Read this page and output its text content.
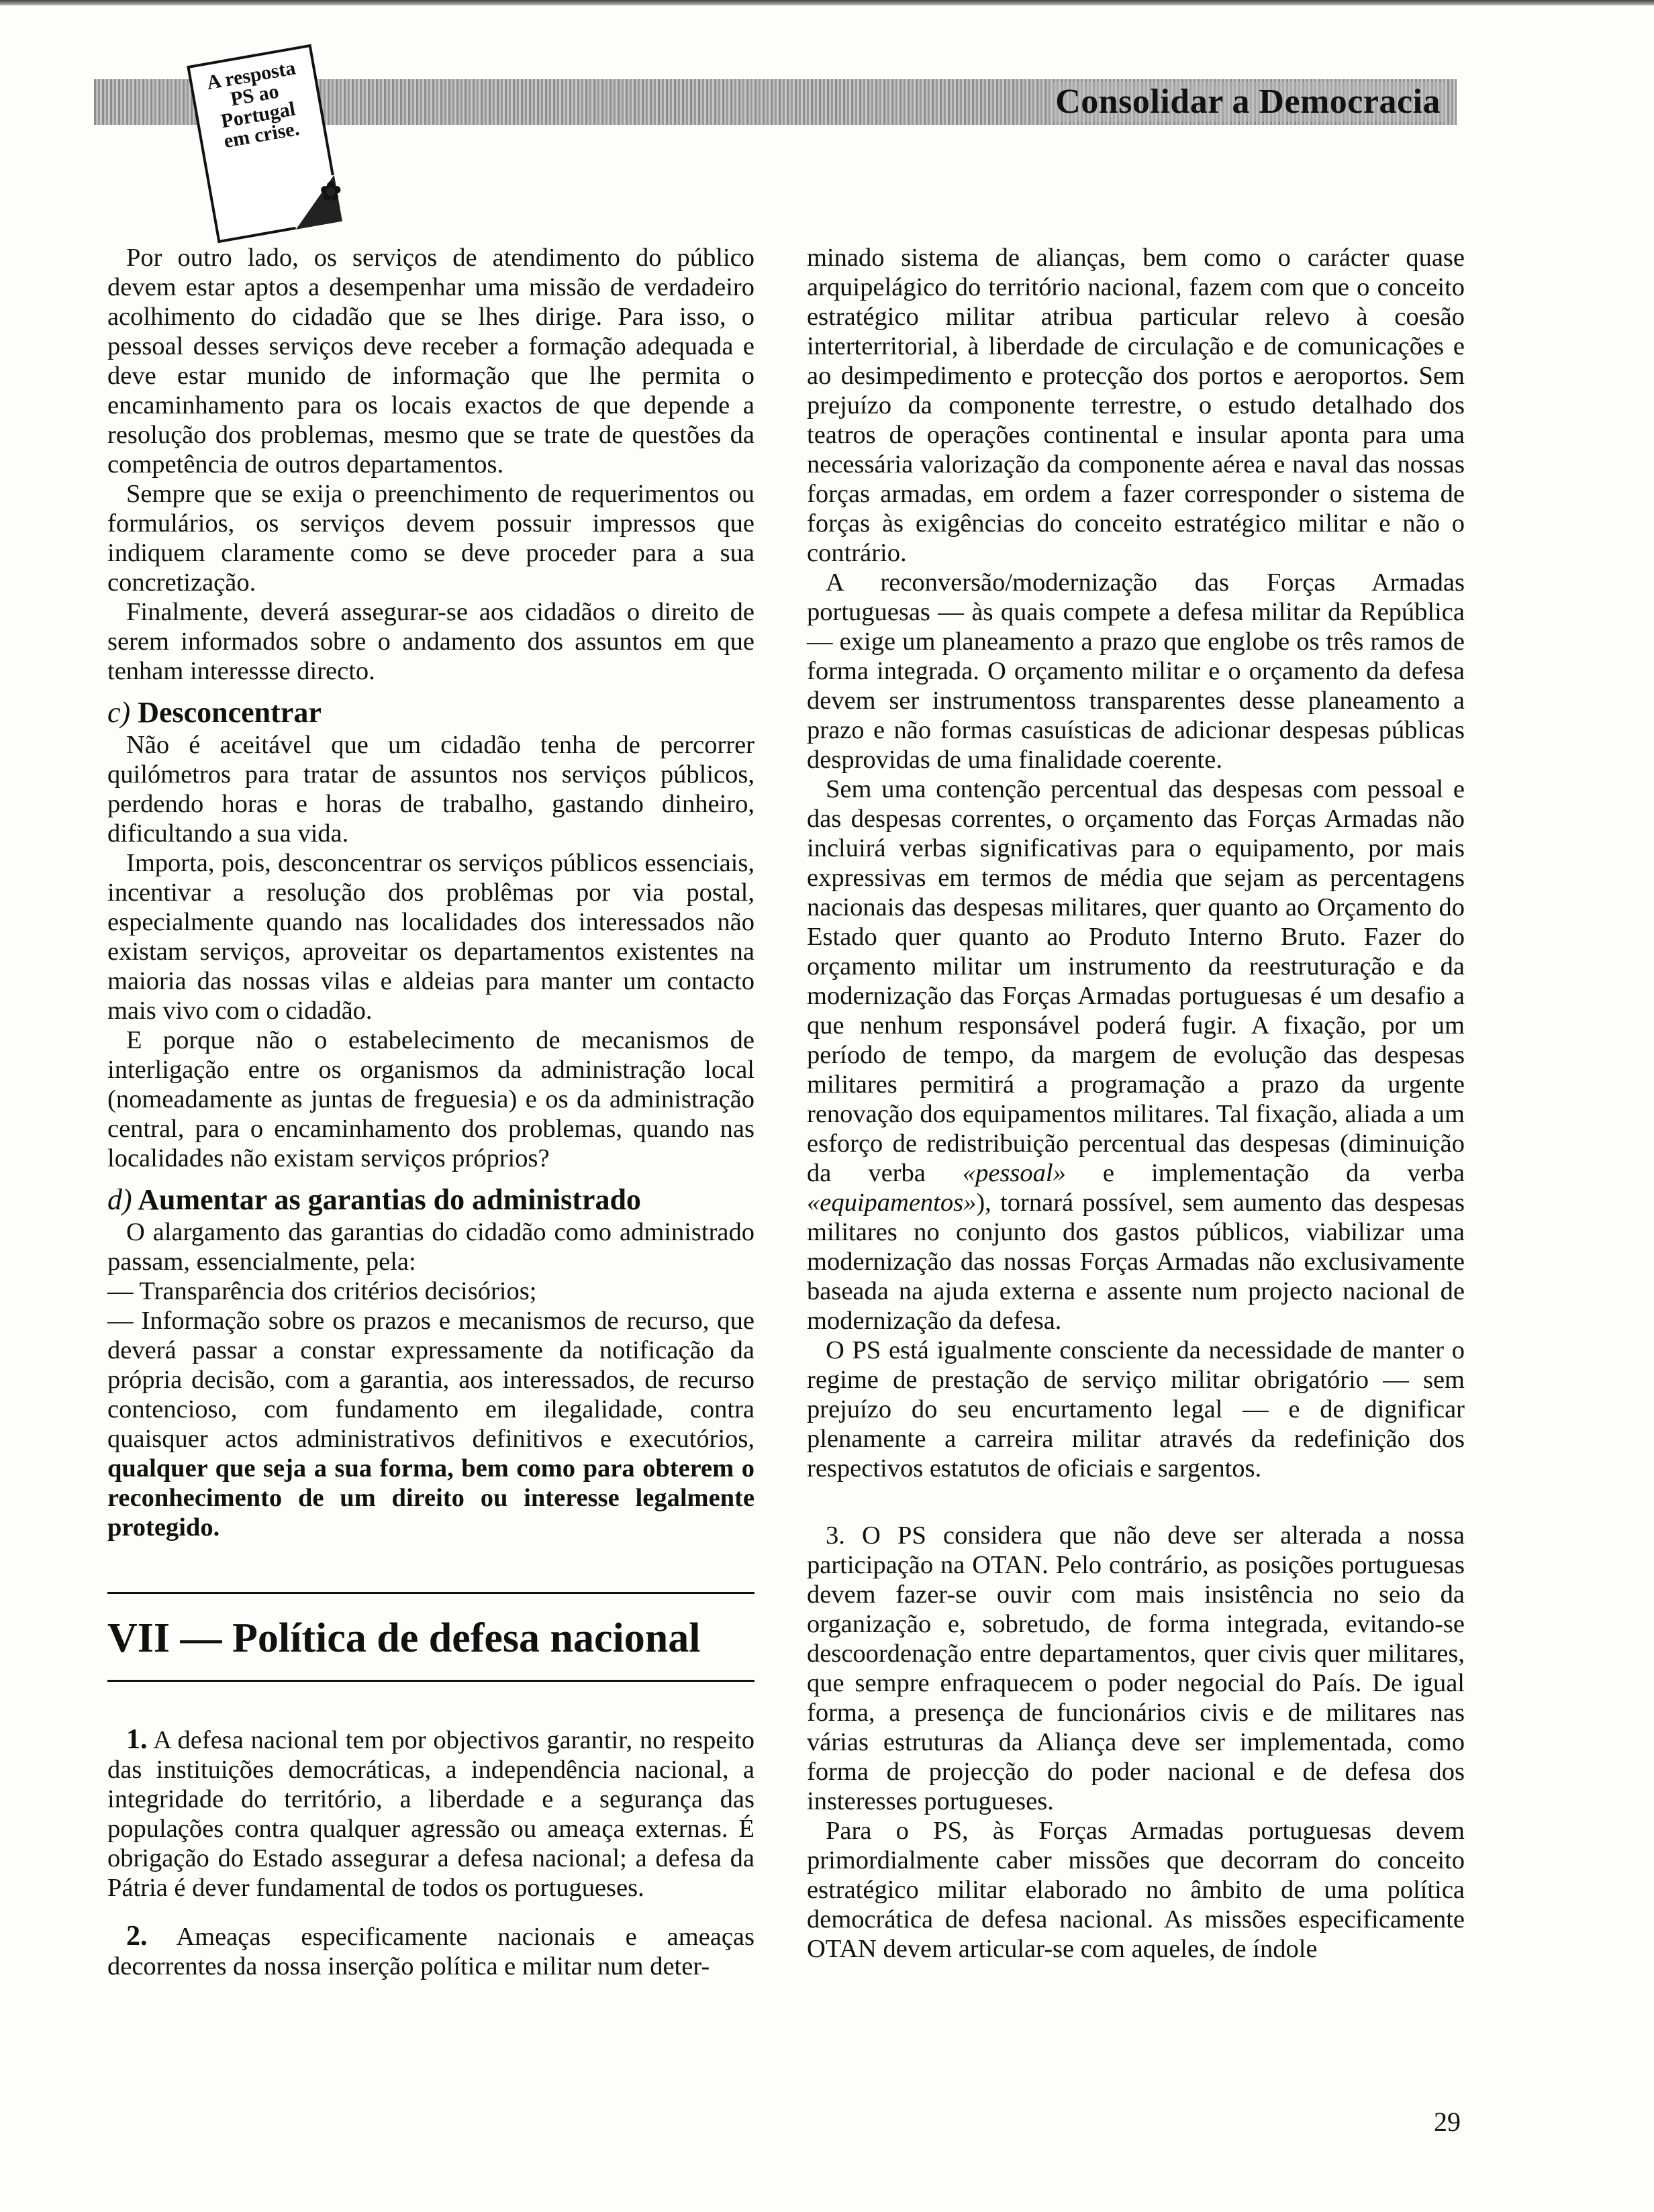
Consolidar a Democracia
A resposta PS ao Portugal em crise.
✿

Por outro lado, os serviços de atendimento do público devem estar aptos a desempenhar uma missão de verdadeiro acolhimento do cidadão que se lhes dirige. Para isso, o pessoal desses serviços deve receber a formação adequada e deve estar munido de informação que lhe permita o encaminhamento para os locais exactos de que depende a resolução dos problemas, mesmo que se trate de questões da competência de outros departamentos.

Sempre que se exija o preenchimento de requerimentos ou formulários, os serviços devem possuir impressos que indiquem claramente como se deve proceder para a sua concretização.

Finalmente, deverá assegurar-se aos cidadãos o direito de serem informados sobre o andamento dos assuntos em que tenham interessse directo.

c) Desconcentrar

Não é aceitável que um cidadão tenha de percorrer quilómetros para tratar de assuntos nos serviços públicos, perdendo horas e horas de trabalho, gastando dinheiro, dificultando a sua vida.

Importa, pois, desconcentrar os serviços públicos essenciais, incentivar a resolução dos problêmas por via postal, especialmente quando nas localidades dos interessados não existam serviços, aproveitar os departamentos existentes na maioria das nossas vilas e aldeias para manter um contacto mais vivo com o cidadão.

E porque não o estabelecimento de mecanismos de interligação entre os organismos da administração local (nomeadamente as juntas de freguesia) e os da administração central, para o encaminhamento dos problemas, quando nas localidades não existam serviços próprios?

d) Aumentar as garantias do administrado

O alargamento das garantias do cidadão como administrado passam, essencialmente, pela:

— Transparência dos critérios decisórios;

— Informação sobre os prazos e mecanismos de recurso, que deverá passar a constar expressamente da notificação da própria decisão, com a garantia, aos interessados, de recurso contencioso, com fundamento em ilegalidade, contra quaisquer actos administrativos definitivos e executórios, qualquer que seja a sua forma, bem como para obterem o reconhecimento de um direito ou interesse legalmente protegido.

VII — Política de defesa nacional

1. A defesa nacional tem por objectivos garantir, no respeito das instituições democráticas, a independência nacional, a integridade do território, a liberdade e a segurança das populações contra qualquer agressão ou ameaça externas. É obrigação do Estado assegurar a defesa nacional; a defesa da Pátria é dever fundamental de todos os portugueses.

2. Ameaças especificamente nacionais e ameaças decorrentes da nossa inserção política e militar num deter-

minado sistema de alianças, bem como o carácter quase arquipelágico do território nacional, fazem com que o conceito estratégico militar atribua particular relevo à coesão interterritorial, à liberdade de circulação e de comunicações e ao desimpedimento e protecção dos portos e aeroportos. Sem prejuízo da componente terrestre, o estudo detalhado dos teatros de operações continental e insular aponta para uma necessária valorização da componente aérea e naval das nossas forças armadas, em ordem a fazer corresponder o sistema de forças às exigências do conceito estratégico militar e não o contrário.

A reconversão/modernização das Forças Armadas portuguesas — às quais compete a defesa militar da República — exige um planeamento a prazo que englobe os três ramos de forma integrada. O orçamento militar e o orçamento da defesa devem ser instrumentoss transparentes desse planeamento a prazo e não formas casuísticas de adicionar despesas públicas desprovidas de uma finalidade coerente.

Sem uma contenção percentual das despesas com pessoal e das despesas correntes, o orçamento das Forças Armadas não incluirá verbas significativas para o equipamento, por mais expressivas em termos de média que sejam as percentagens nacionais das despesas militares, quer quanto ao Orçamento do Estado quer quanto ao Produto Interno Bruto. Fazer do orçamento militar um instrumento da reestruturação e da modernização das Forças Armadas portuguesas é um desafio a que nenhum responsável poderá fugir. A fixação, por um período de tempo, da margem de evolução das despesas militares permitirá a programação a prazo da urgente renovação dos equipamentos militares. Tal fixação, aliada a um esforço de redistribuição percentual das despesas (diminuição da verba «pessoal» e implementação da verba «equipamentos»), tornará possível, sem aumento das despesas militares no conjunto dos gastos públicos, viabilizar uma modernização das nossas Forças Armadas não exclusivamente baseada na ajuda externa e assente num projecto nacional de modernização da defesa.

O PS está igualmente consciente da necessidade de manter o regime de prestação de serviço militar obrigatório — sem prejuízo do seu encurtamento legal — e de dignificar plenamente a carreira militar através da redefinição dos respectivos estatutos de oficiais e sargentos.

3. O PS considera que não deve ser alterada a nossa participação na OTAN. Pelo contrário, as posições portuguesas devem fazer-se ouvir com mais insistência no seio da organização e, sobretudo, de forma integrada, evitando-se descoordenação entre departamentos, quer civis quer militares, que sempre enfraquecem o poder negocial do País. De igual forma, a presença de funcionários civis e de militares nas várias estruturas da Aliança deve ser implementada, como forma de projecção do poder nacional e de defesa dos insteresses portugueses.

Para o PS, às Forças Armadas portuguesas devem primordialmente caber missões que decorram do conceito estratégico militar elaborado no âmbito de uma política democrática de defesa nacional. As missões especificamente OTAN devem articular-se com aqueles, de índole

29
